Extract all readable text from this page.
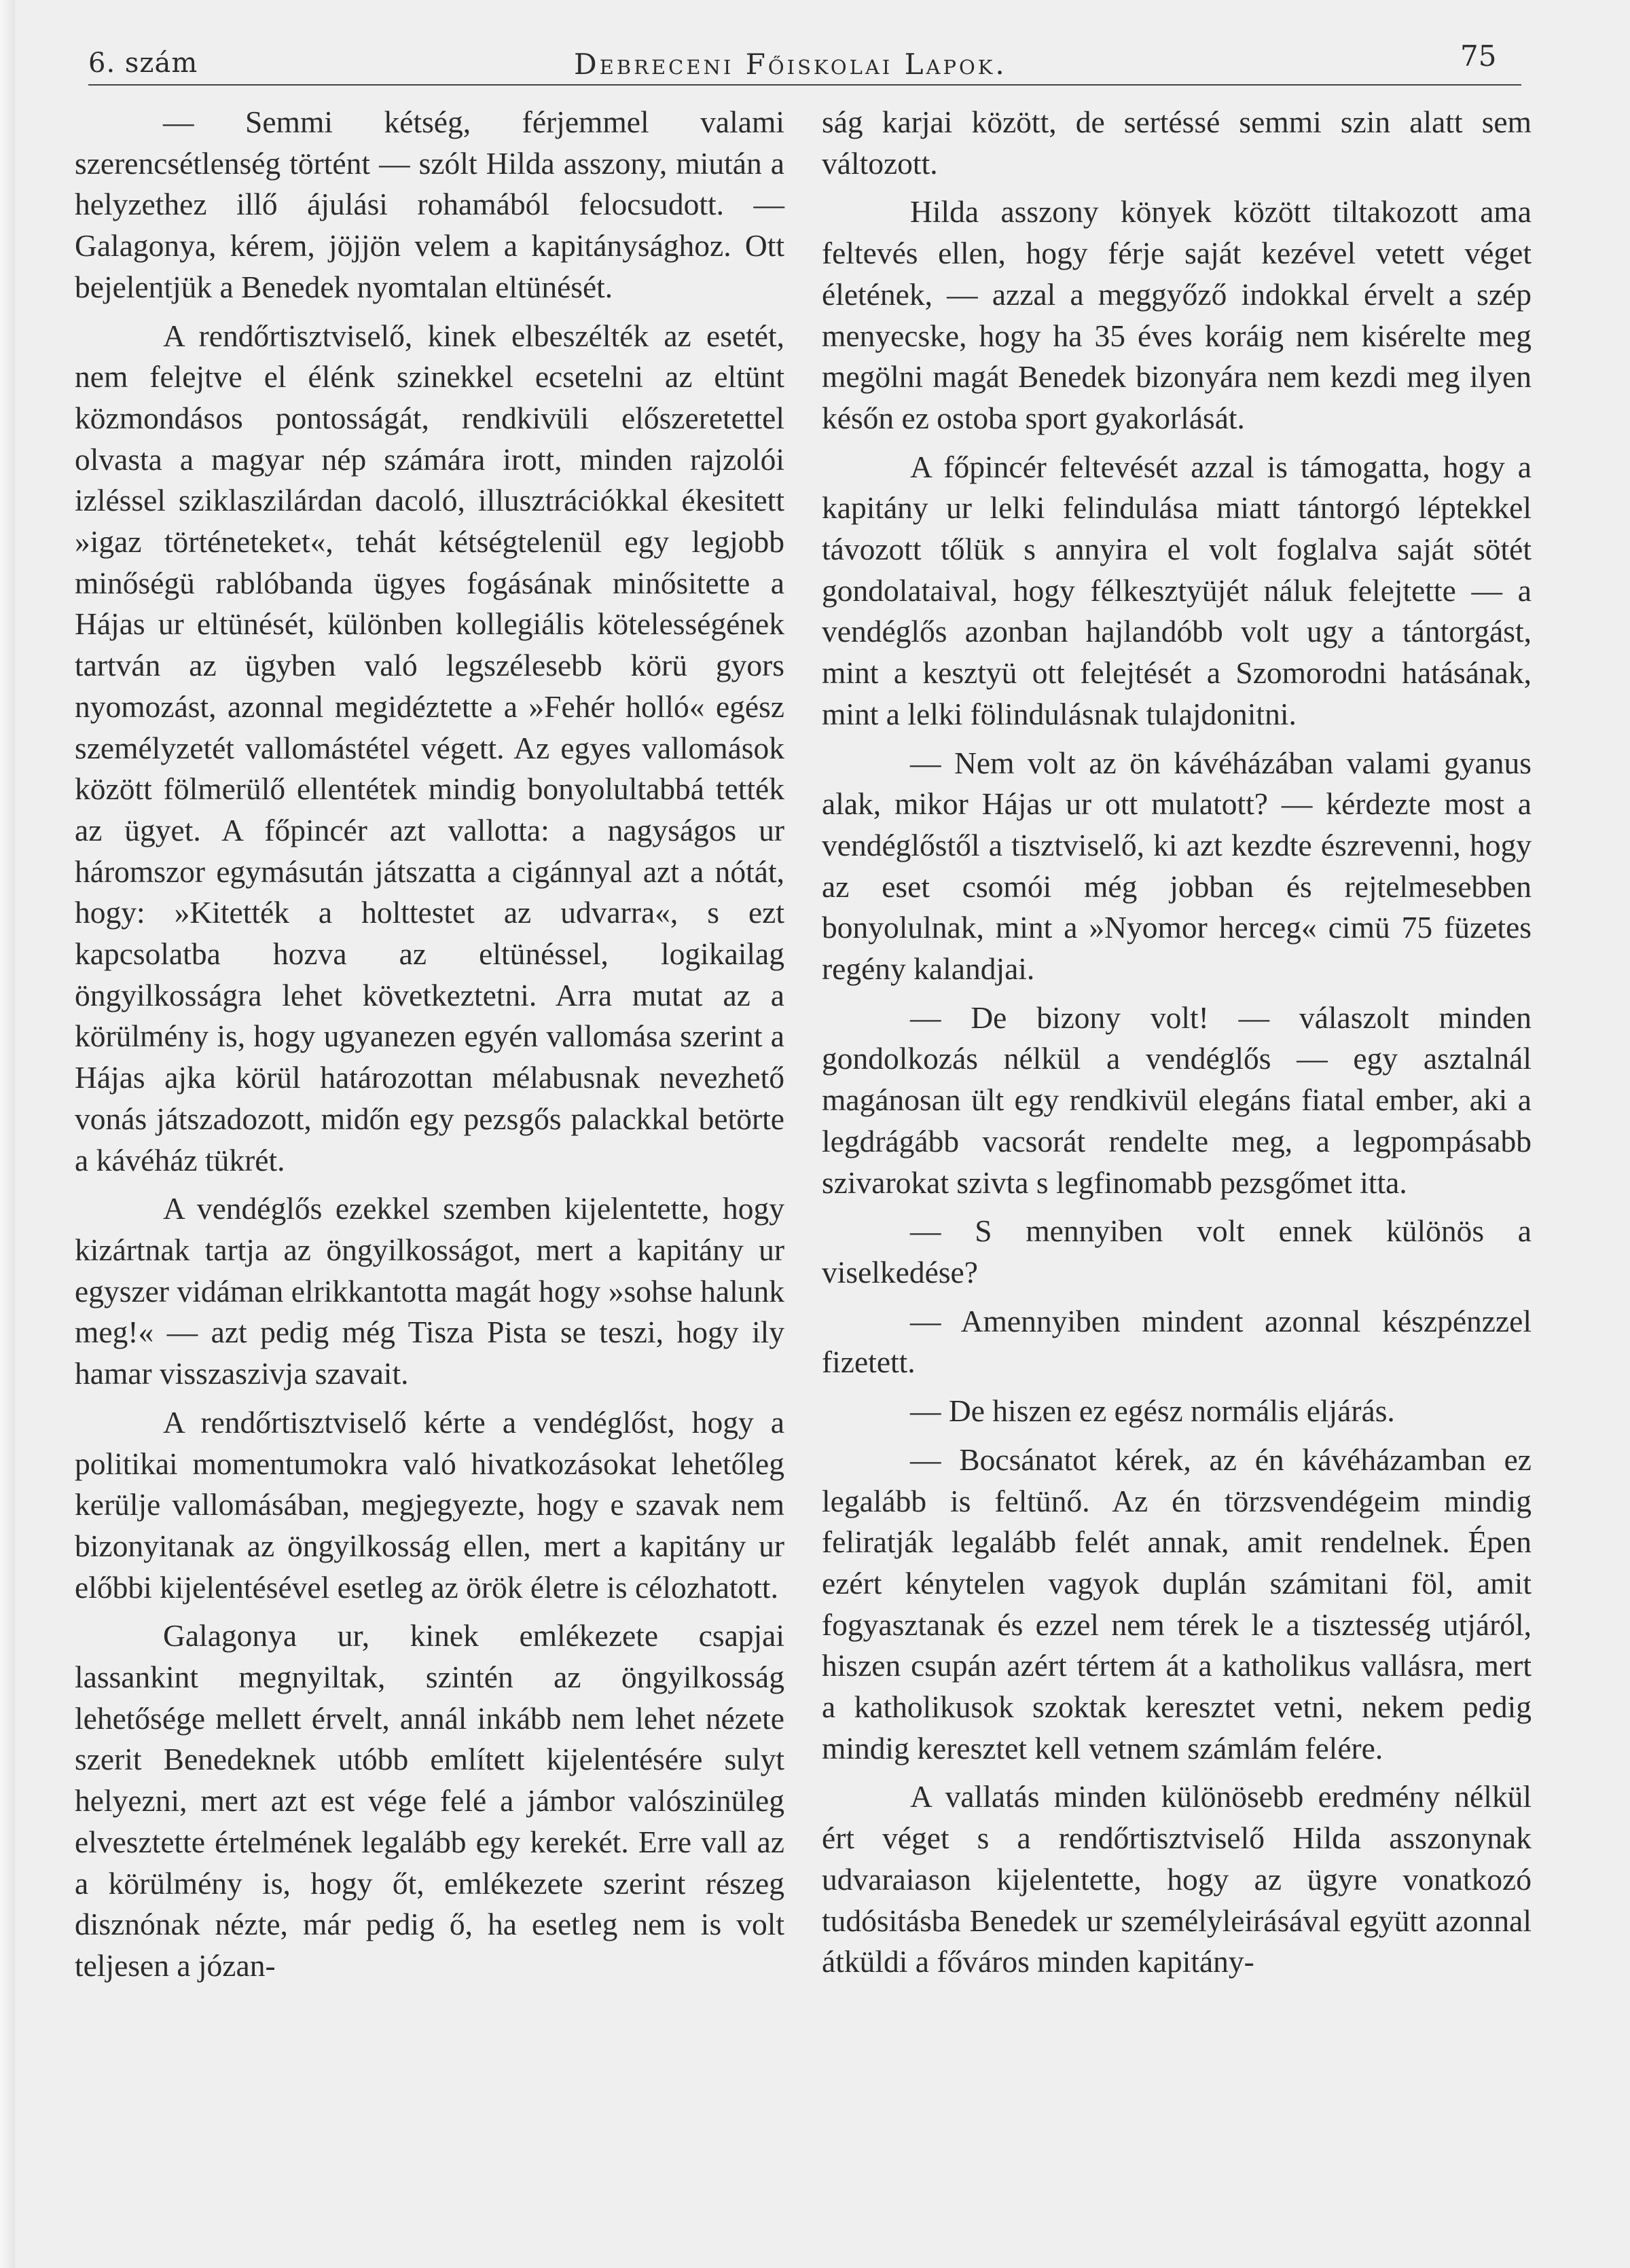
6. szám	Debreceni Főiskolai Lapok.	75

— Semmi kétség, férjemmel valami szerencsétlenség történt — szólt Hilda asszony, miután a helyzethez illő ájulási rohamából felocsudott. — Galagonya, kérem, jöjjön velem a kapitánysághoz. Ott bejelentjük a Benedek nyomtalan eltünését.

A rendőrtisztviselő, kinek elbeszélték az esetét, nem felejtve el élénk szinekkel ecsetelni az eltünt közmondásos pontosságát, rendkivüli előszeretettel olvasta a magyar nép számára irott, minden rajzolói izléssel sziklaszilárdan dacoló, illusztrációkkal ékesitett »igaz történeteket«, tehát kétségtelenül egy legjobb minőségü rablóbanda ügyes fogásának minősitette a Hájas ur eltünését, különben kollegiális kötelességének tartván az ügyben való legszélesebb körü gyors nyomozást, azonnal megidéztette a »Fehér holló« egész személyzetét vallomástétel végett. Az egyes vallomások között fölmerülő ellentétek mindig bonyolultabbá tették az ügyet. A főpincér azt vallotta: a nagyságos ur háromszor egymásután játszatta a cigánnyal azt a nótát, hogy: »Kitették a holttestet az udvarra«, s ezt kapcsolatba hozva az eltünéssel, logikailag öngyilkosságra lehet következtetni. Arra mutat az a körülmény is, hogy ugyanezen egyén vallomása szerint a Hájas ajka körül határozottan mélabusnak nevezhető vonás játszadozott, midőn egy pezsgős palackkal betörte a kávéház tükrét.

A vendéglős ezekkel szemben kijelentette, hogy kizártnak tartja az öngyilkosságot, mert a kapitány ur egyszer vidáman elrikkantotta magát hogy »sohse halunk meg!« — azt pedig még Tisza Pista se teszi, hogy ily hamar visszaszivja szavait.

A rendőrtisztviselő kérte a vendéglőst, hogy a politikai momentumokra való hivatkozásokat lehetőleg kerülje vallomásában, megjegyezte, hogy e szavak nem bizonyitanak az öngyilkosság ellen, mert a kapitány ur előbbi kijelentésével esetleg az örök életre is célozhatott.

Galagonya ur, kinek emlékezete csapjai lassankint megnyiltak, szintén az öngyilkosság lehetősége mellett érvelt, annál inkább nem lehet nézete szerit Benedeknek utóbb említett kijelentésére sulyt helyezni, mert azt est vége felé a jámbor valószinüleg elvesztette értelmének legalább egy kerekét. Erre vall az a körülmény is, hogy őt, emlékezete szerint részeg disznónak nézte, már pedig ő, ha esetleg nem is volt teljesen a józan-

ság karjai között, de sertéssé semmi szin alatt sem változott.

Hilda asszony könyek között tiltakozott ama feltevés ellen, hogy férje saját kezével vetett véget életének, — azzal a meggyőző indokkal érvelt a szép menyecske, hogy ha 35 éves koráig nem kisérelte meg megölni magát Benedek bizonyára nem kezdi meg ilyen későn ez ostoba sport gyakorlását.

A főpincér feltevését azzal is támogatta, hogy a kapitány ur lelki felindulása miatt tántorgó léptekkel távozott tőlük s annyira el volt foglalva saját sötét gondolataival, hogy félkesztyüjét náluk felejtette — a vendéglős azonban hajlandóbb volt ugy a tántorgást, mint a kesztyü ott felejtését a Szomorodni hatásának, mint a lelki fölindulásnak tulajdonitni.

— Nem volt az ön kávéházában valami gyanus alak, mikor Hájas ur ott mulatott? — kérdezte most a vendéglőstől a tisztviselő, ki azt kezdte észrevenni, hogy az eset csomói még jobban és rejtelmesebben bonyolulnak, mint a »Nyomor herceg« cimü 75 füzetes regény kalandjai.

— De bizony volt! — válaszolt minden gondolkozás nélkül a vendéglős — egy asztalnál magánosan ült egy rendkivül elegáns fiatal ember, aki a legdrágább vacsorát rendelte meg, a legpompásabb szivarokat szivta s legfinomabb pezsgőmet itta.

— S mennyiben volt ennek különös a viselkedése?

— Amennyiben mindent azonnal készpénzzel fizetett.

— De hiszen ez egész normális eljárás.

— Bocsánatot kérek, az én kávéházamban ez legalább is feltünő. Az én törzsvendégeim mindig feliratják legalább felét annak, amit rendelnek. Épen ezért kénytelen vagyok duplán számitani föl, amit fogyasztanak és ezzel nem térek le a tisztesség utjáról, hiszen csupán azért tértem át a katholikus vallásra, mert a katholikusok szoktak keresztet vetni, nekem pedig mindig keresztet kell vetnem számlám felére.

A vallatás minden különösebb eredmény nélkül ért véget s a rendőrtisztviselő Hilda asszonynak udvaraiason kijelentette, hogy az ügyre vonatkozó tudósitásba Benedek ur személyleirásával együtt azonnal átküldi a főváros minden kapitány-
